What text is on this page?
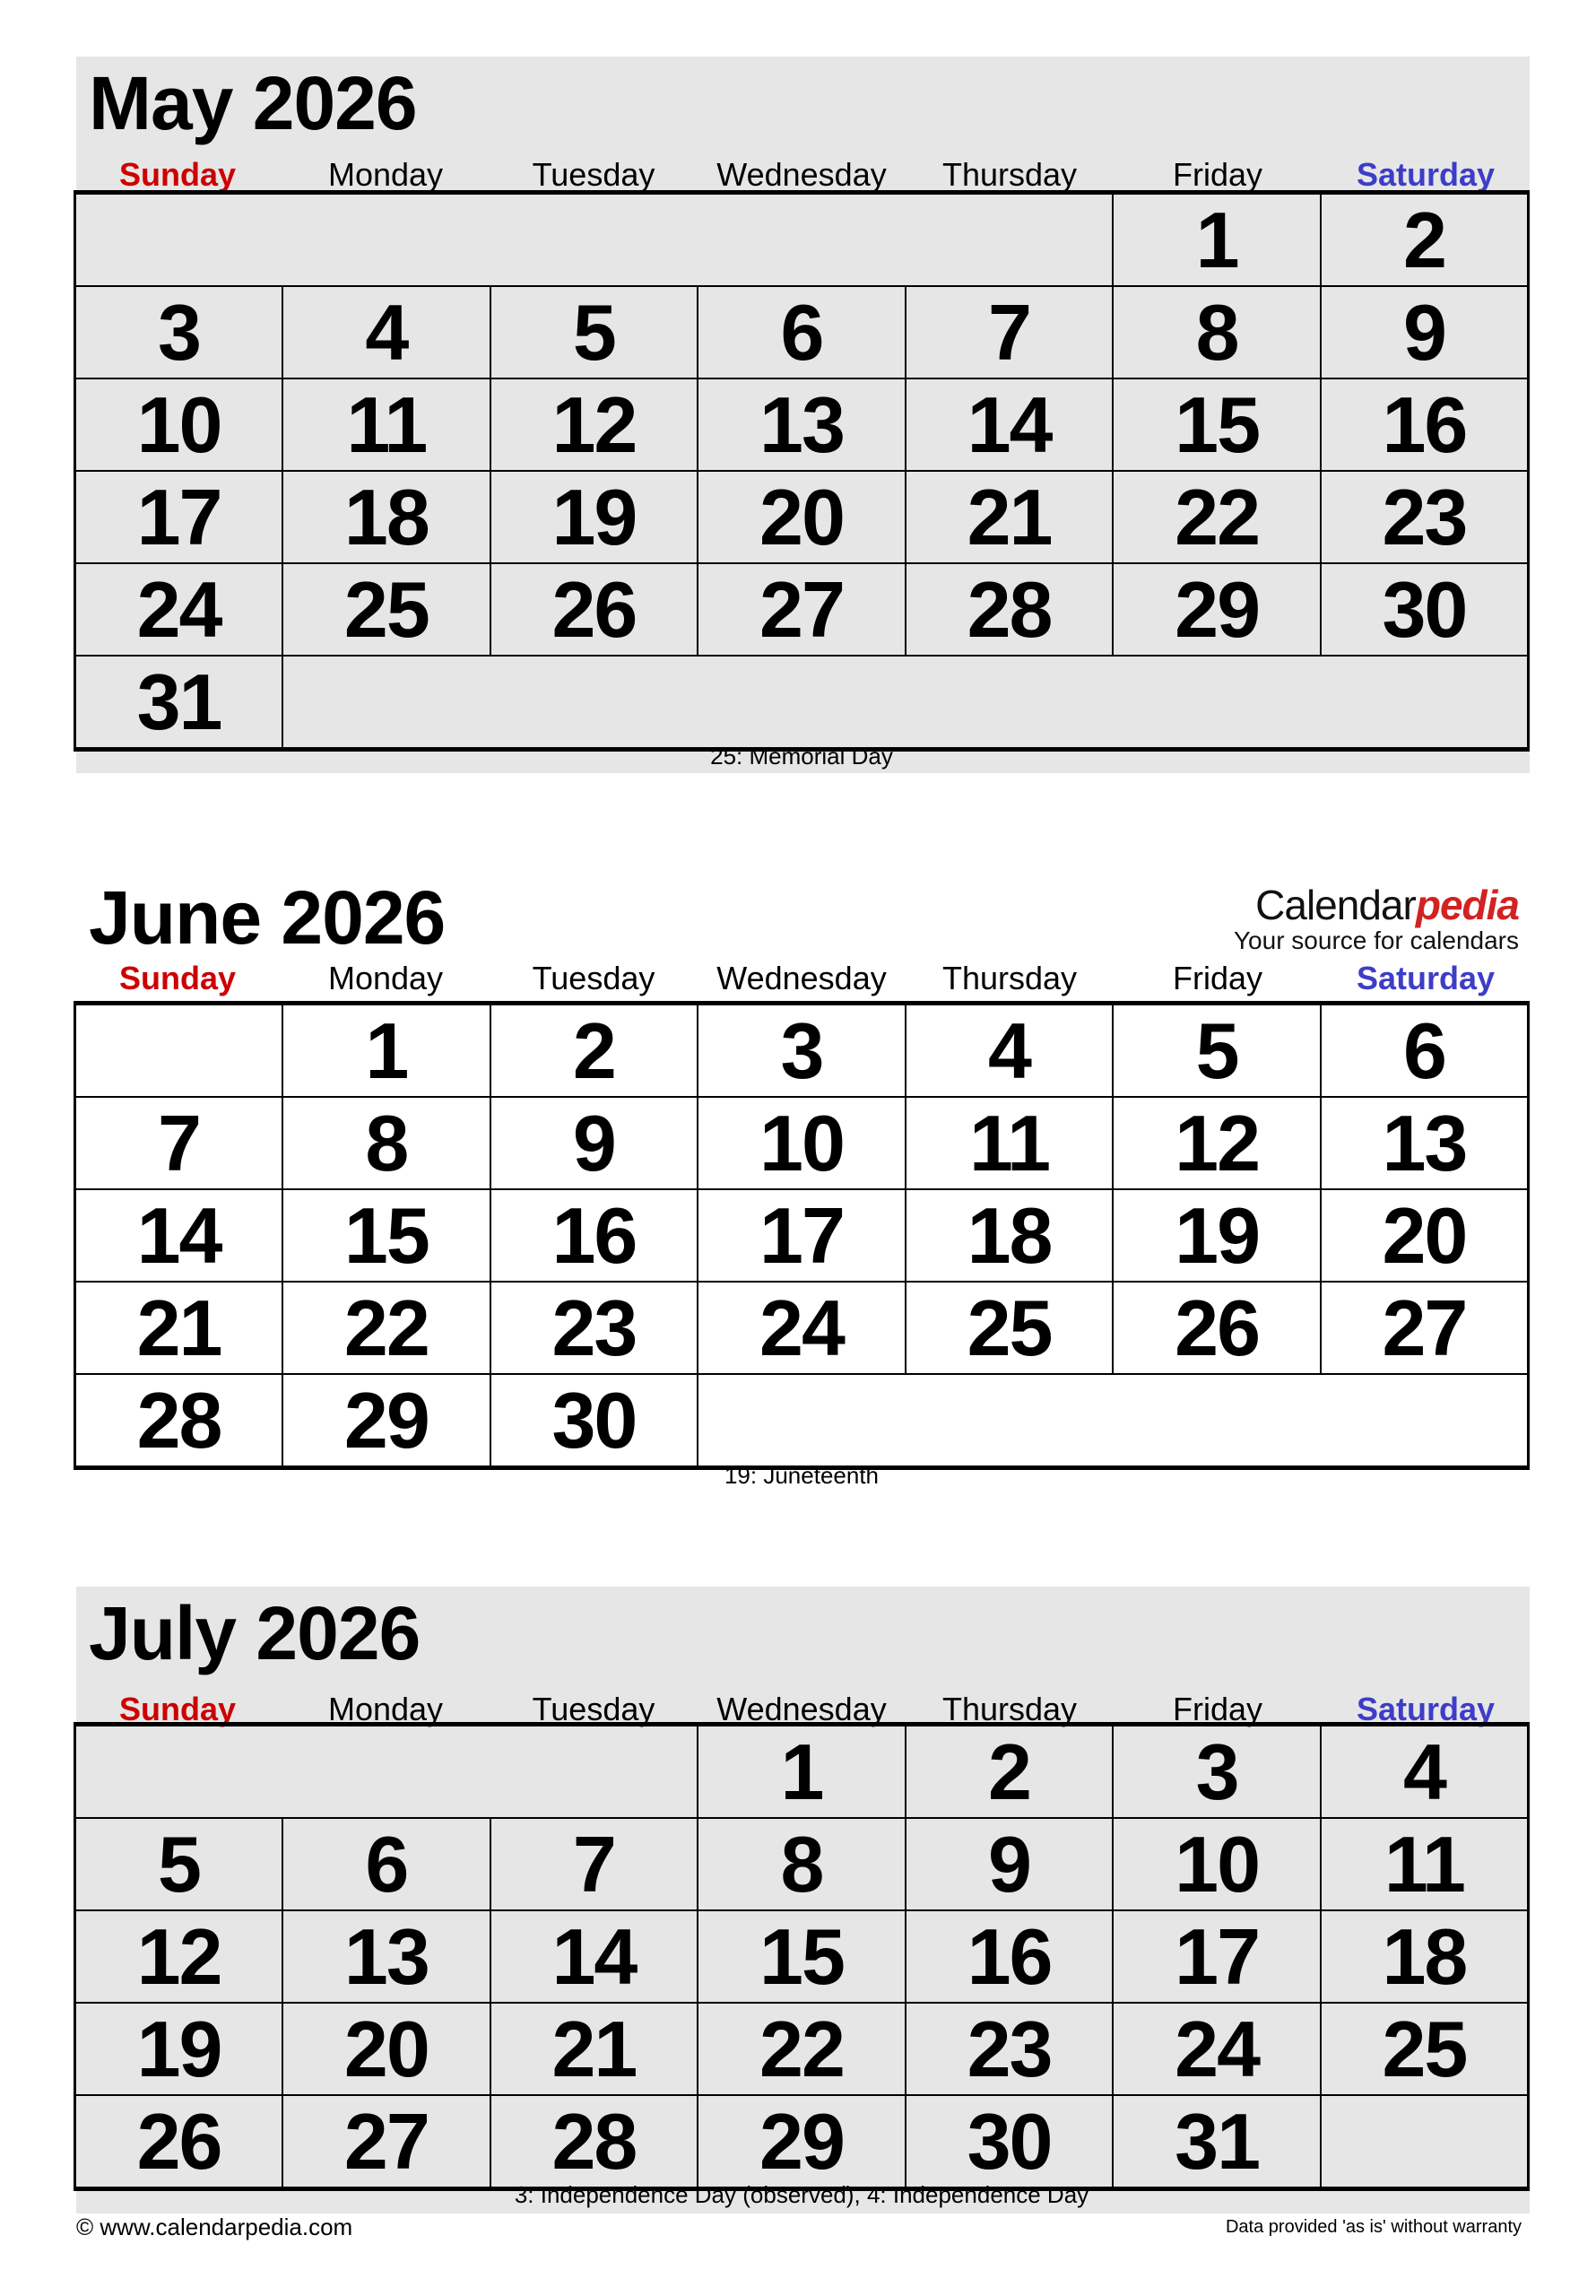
May 2026
Sunday	Monday	Tuesday	Wednesday	Thursday	Friday	Saturday
					1	2
3	4	5	6	7	8	9
10	11	12	13	14	15	16
17	18	19	20	21	22	23
24	25	26	27	28	29	30
31						
25: Memorial Day
June 2026	Calendarpedia
Your source for calendars
Sunday	Monday	Tuesday	Wednesday	Thursday	Friday	Saturday
	1	2	3	4	5	6
7	8	9	10	11	12	13
14	15	16	17	18	19	20
21	22	23	24	25	26	27
28	29	30				
19: Juneteenth
July 2026
Sunday	Monday	Tuesday	Wednesday	Thursday	Friday	Saturday
			1	2	3	4
5	6	7	8	9	10	11
12	13	14	15	16	17	18
19	20	21	22	23	24	25
26	27	28	29	30	31	
3: Independence Day (observed), 4: Independence Day
© www.calendarpedia.com	Data provided 'as is' without warranty
